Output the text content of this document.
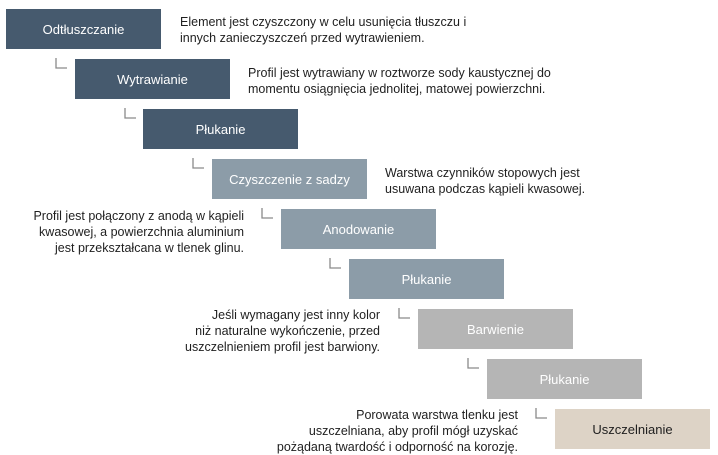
Odtłuszczanie
Wytrawianie
Płukanie
Czyszczenie z sadzy
Anodowanie
Płukanie
Barwienie
Płukanie
Uszczelnianie
Element jest czyszczony w celu usunięcia tłuszczu i
innych zanieczyszczeń przed wytrawieniem.
Profil jest wytrawiany w roztworze sody kaustycznej do
momentu osiągnięcia jednolitej, matowej powierzchni.
Warstwa czynników stopowych jest
usuwana podczas kąpieli kwasowej.
Profil jest połączony z anodą w kąpieli
kwasowej, a powierzchnia aluminium
jest przekształcana w tlenek glinu.
Jeśli wymagany jest inny kolor
niż naturalne wykończenie, przed
uszczelnieniem profil jest barwiony.
Porowata warstwa tlenku jest
uszczelniana, aby profil mógł uzyskać
pożądaną twardość i odporność na korozję.
